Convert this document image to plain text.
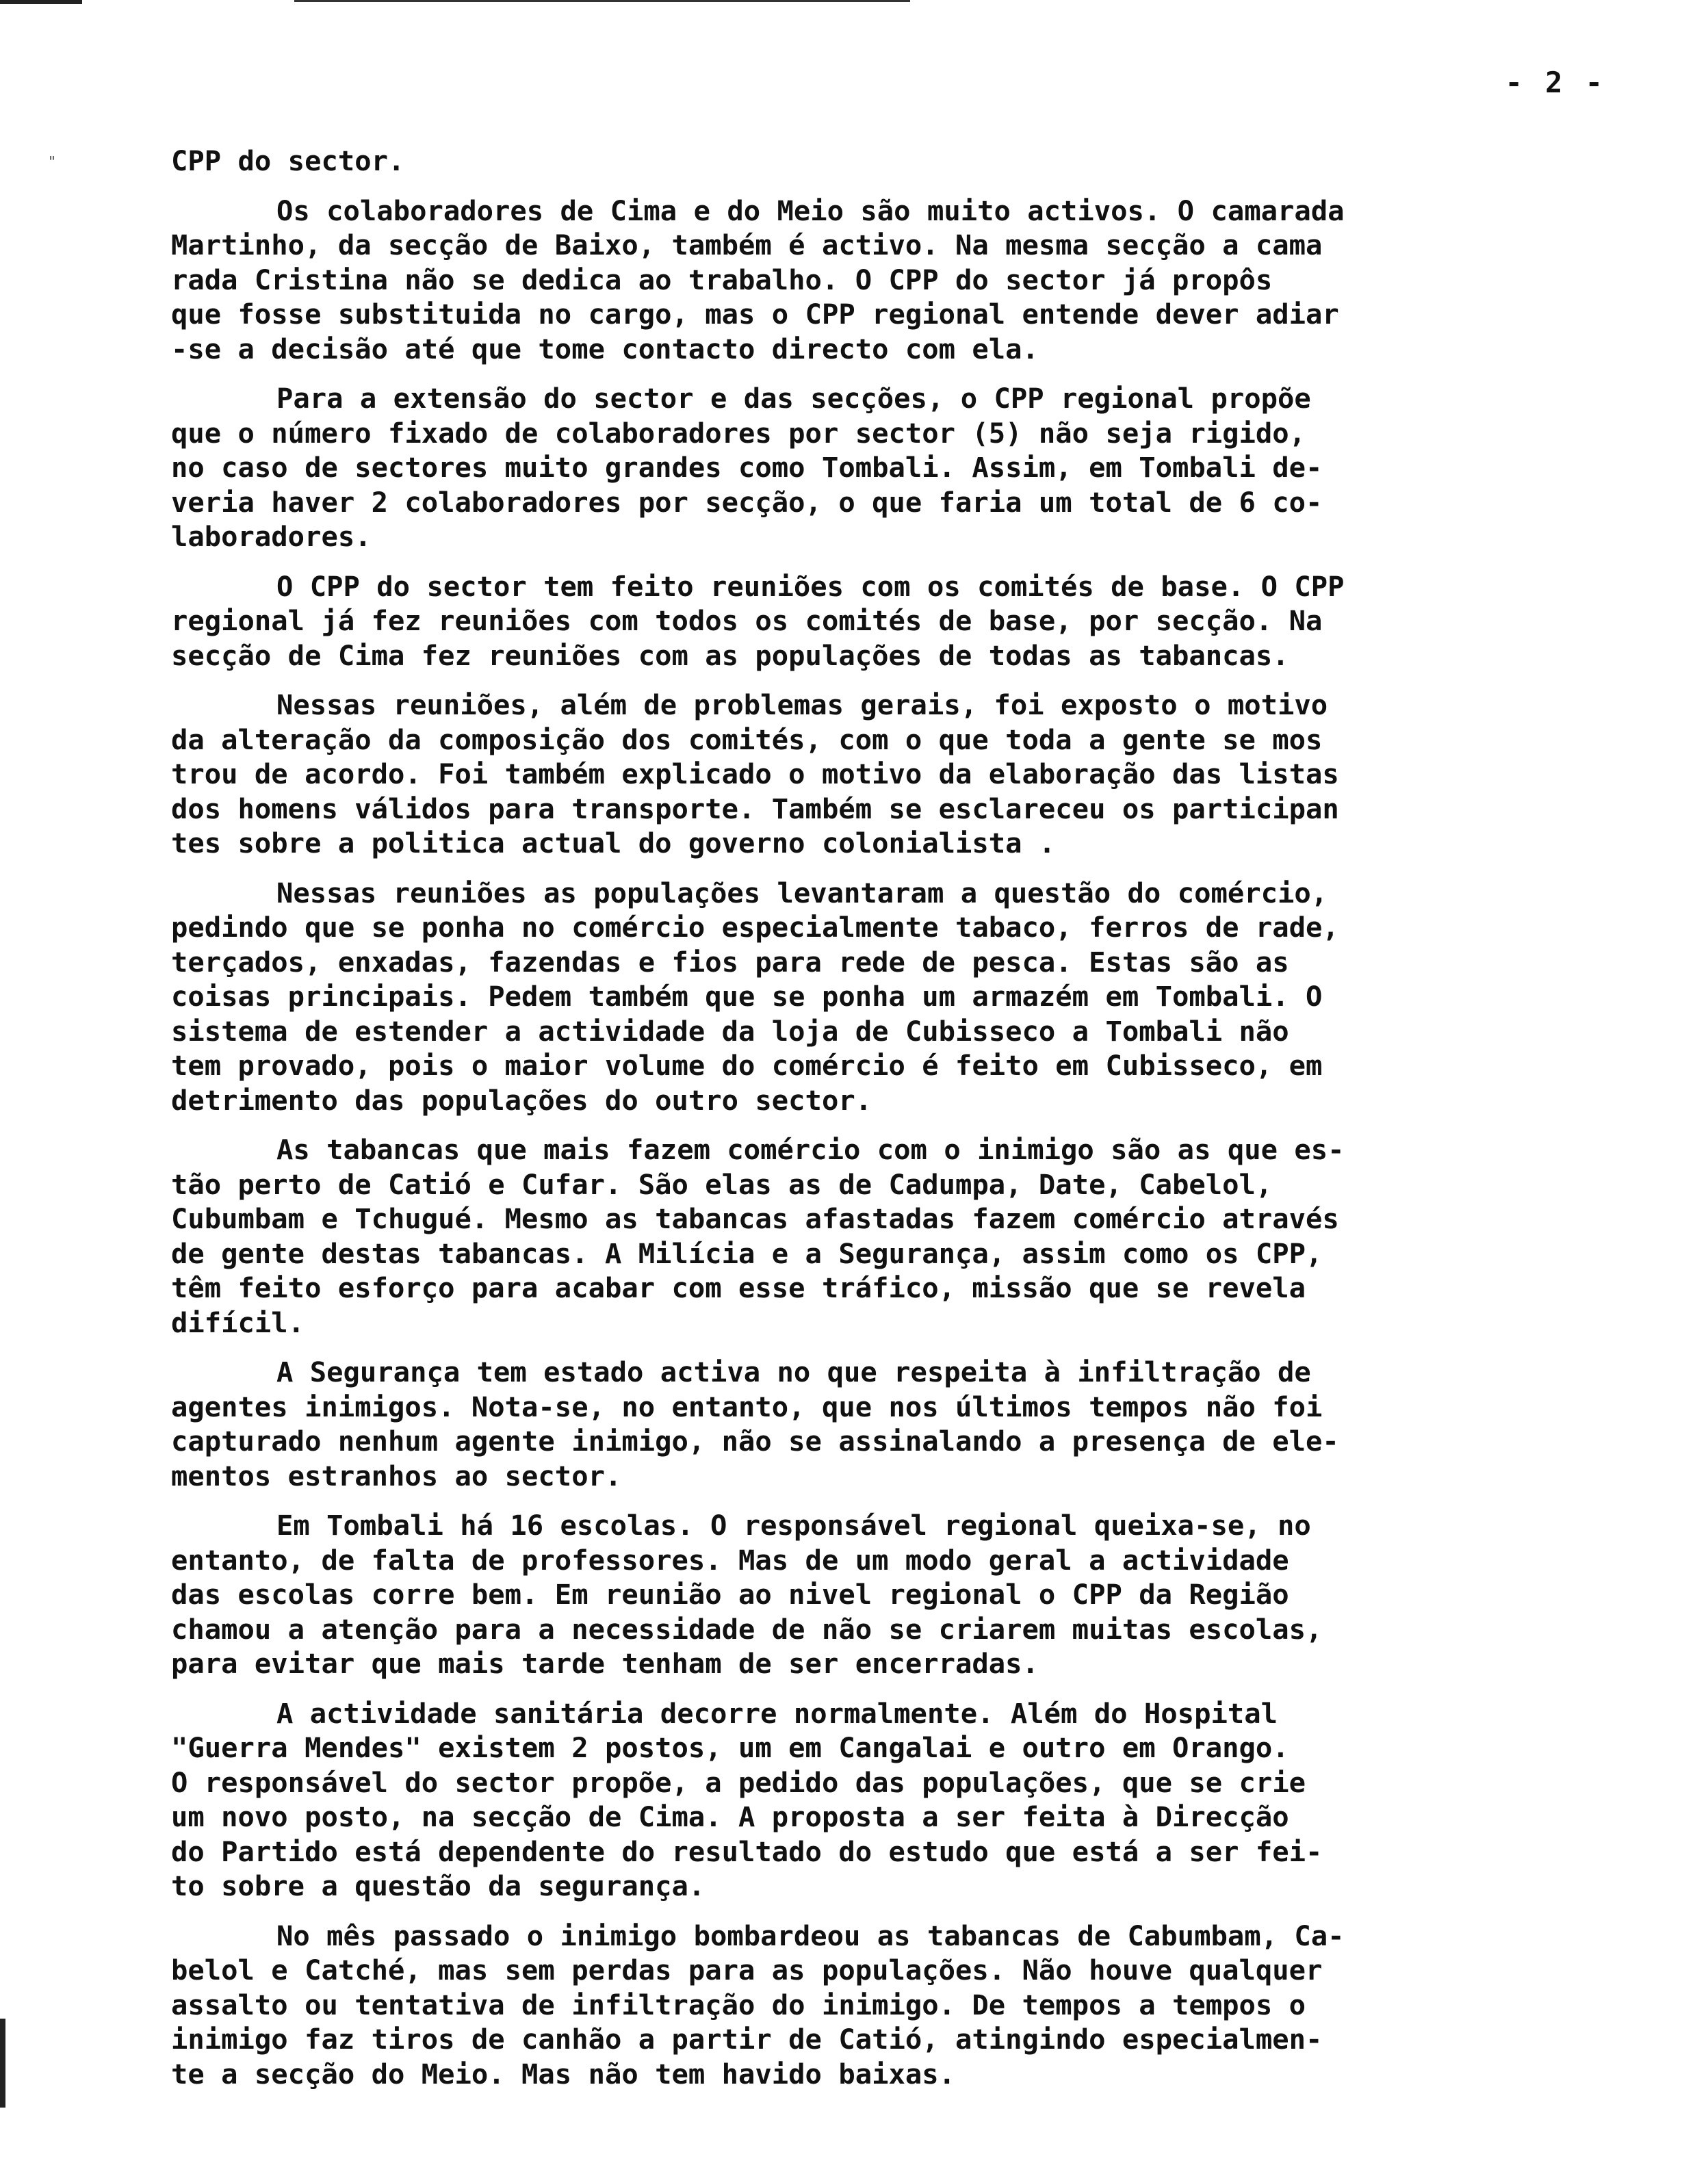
- 2 -
"	CPP do sector.
Os colaboradores de Cima e do Meio são muito activos. O camarada
Martinho, da secção de Baixo, também é activo. Na mesma secção a cama
rada Cristina não se dedica ao trabalho. O CPP do sector já propôs
que fosse substituida no cargo, mas o CPP regional entende dever adiar
-se a decisão até que tome contacto directo com ela.
Para a extensão do sector e das secções, o CPP regional propõe
que o número fixado de colaboradores por sector (5) não seja rigido,
no caso de sectores muito grandes como Tombali. Assim, em Tombali de-
veria haver 2 colaboradores por secção, o que faria um total de 6 co-
laboradores.
O CPP do sector tem feito reuniões com os comités de base. O CPP
regional já fez reuniões com todos os comités de base, por secção. Na
secção de Cima fez reuniões com as populações de todas as tabancas.
Nessas reuniões, além de problemas gerais, foi exposto o motivo
da alteração da composição dos comités, com o que toda a gente se mos
trou de acordo. Foi também explicado o motivo da elaboração das listas
dos homens válidos para transporte. Também se esclareceu os participan
tes sobre a politica actual do governo colonialista .
Nessas reuniões as populações levantaram a questão do comércio,
pedindo que se ponha no comércio especialmente tabaco, ferros de rade,
terçados, enxadas, fazendas e fios para rede de pesca. Estas são as
coisas principais. Pedem também que se ponha um armazém em Tombali. O
sistema de estender a actividade da loja de Cubisseco a Tombali não
tem provado, pois o maior volume do comércio é feito em Cubisseco, em
detrimento das populações do outro sector.
As tabancas que mais fazem comércio com o inimigo são as que es-
tão perto de Catió e Cufar. São elas as de Cadumpa, Date, Cabelol,
Cubumbam e Tchugué. Mesmo as tabancas afastadas fazem comércio através
de gente destas tabancas. A Milícia e a Segurança, assim como os CPP,
têm feito esforço para acabar com esse tráfico, missão que se revela
difícil.
A Segurança tem estado activa no que respeita à infiltração de
agentes inimigos. Nota-se, no entanto, que nos últimos tempos não foi
capturado nenhum agente inimigo, não se assinalando a presença de ele-
mentos estranhos ao sector.
Em Tombali há 16 escolas. O responsável regional queixa-se, no
entanto, de falta de professores. Mas de um modo geral a actividade
das escolas corre bem. Em reunião ao nivel regional o CPP da Região
chamou a atenção para a necessidade de não se criarem muitas escolas,
para evitar que mais tarde tenham de ser encerradas.
A actividade sanitária decorre normalmente. Além do Hospital
"Guerra Mendes" existem 2 postos, um em Cangalai e outro em Orango.
O responsável do sector propõe, a pedido das populações, que se crie
um novo posto, na secção de Cima. A proposta a ser feita à Direcção
do Partido está dependente do resultado do estudo que está a ser fei-
to sobre a questão da segurança.
No mês passado o inimigo bombardeou as tabancas de Cabumbam, Ca-
belol e Catché, mas sem perdas para as populações. Não houve qualquer
assalto ou tentativa de infiltração do inimigo. De tempos a tempos o
inimigo faz tiros de canhão a partir de Catió, atingindo especialmen-
te a secção do Meio. Mas não tem havido baixas.
